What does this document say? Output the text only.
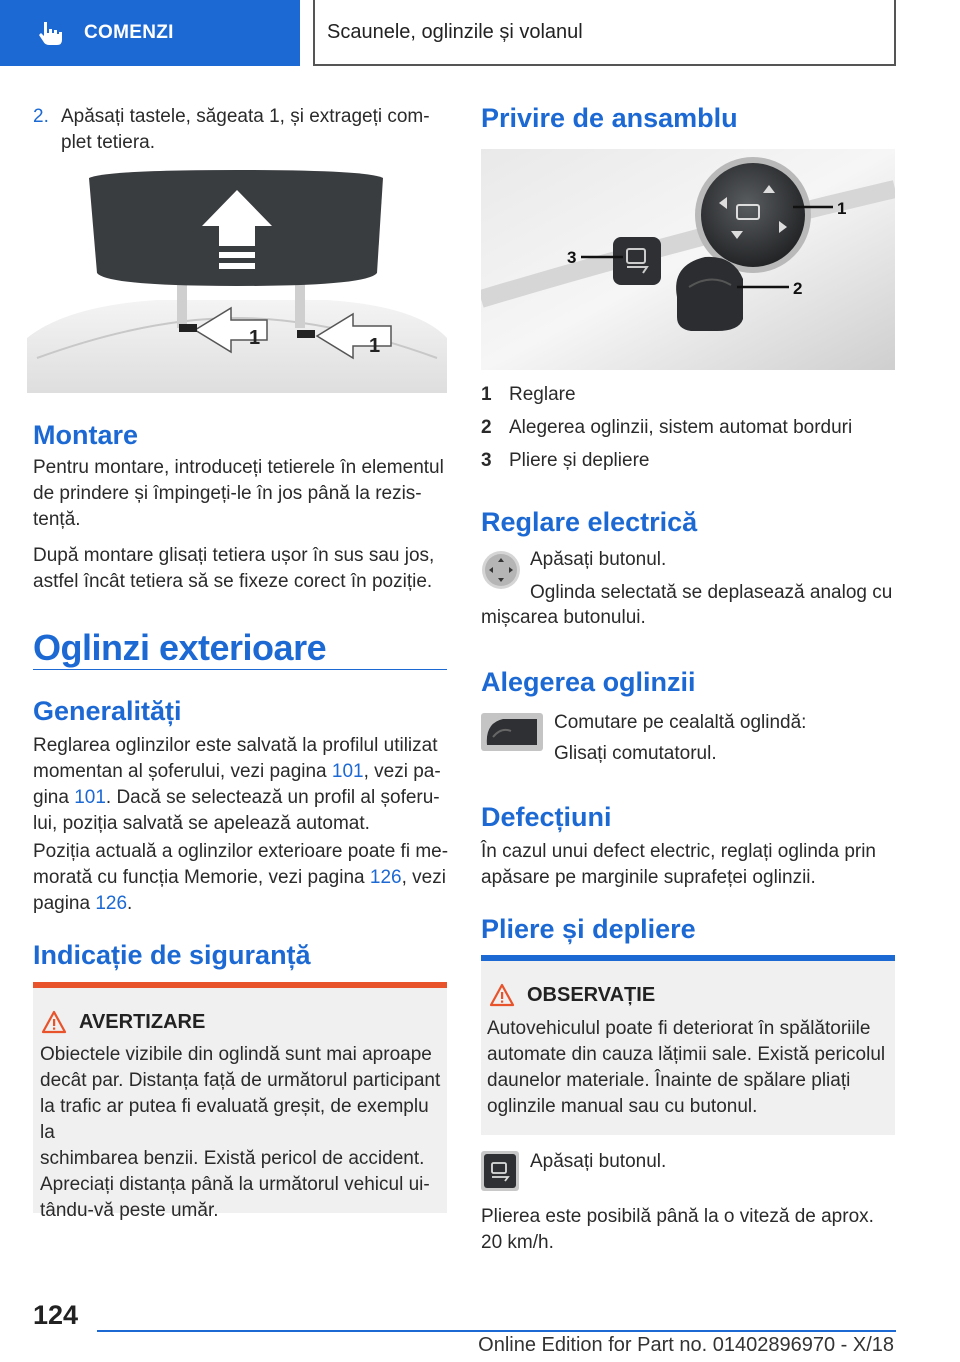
COMENZI	Scaunele, oglinzile și volanul
2. Apăsați tastele, săgeata 1, și extrageți com-
plet tetiera.
1	1
Montare
Pentru montare, introduceți tetierele în elementul
de prindere și împingeți-le în jos până la rezis-
tență.
După montare glisați tetiera ușor în sus sau jos,
astfel încât tetiera să se fixeze corect în poziție.
Oglinzi exterioare
Generalități
Reglarea oglinzilor este salvată la profilul utilizat
momentan al șoferului, vezi pagina 101, vezi pa-
gina 101. Dacă se selectează un profil al șoferu-
lui, poziția salvată se apelează automat.
Poziția actuală a oglinzilor exterioare poate fi me-
morată cu funcția Memorie, vezi pagina 126, vezi
pagina 126.
Indicație de siguranță
AVERTIZARE
Obiectele vizibile din oglindă sunt mai aproape
decât par. Distanța față de următorul participant
la trafic ar putea fi evaluată greșit, de exemplu la
schimbarea benzii. Există pericol de accident.
Apreciați distanța până la următorul vehicul ui-
tându-vă peste umăr.
Privire de ansamblu
1
2
3
1 Reglare
2 Alegerea oglinzii, sistem automat borduri
3 Pliere și depliere
Reglare electrică
Apăsați butonul.
Oglinda selectată se deplasează analog cu
mișcarea butonului.
Alegerea oglinzii
Comutare pe cealaltă oglindă:
Glisați comutatorul.
Defecțiuni
În cazul unui defect electric, reglați oglinda prin
apăsare pe marginile suprafeței oglinzii.
Pliere și depliere
OBSERVAȚIE
Autovehiculul poate fi deteriorat în spălătoriile
automate din cauza lățimii sale. Există pericolul
daunelor materiale. Înainte de spălare pliați
oglinzile manual sau cu butonul.
Apăsați butonul.
Plierea este posibilă până la o viteză de aprox.
20 km/h.
124
Online Edition for Part no. 01402896970 - X/18
